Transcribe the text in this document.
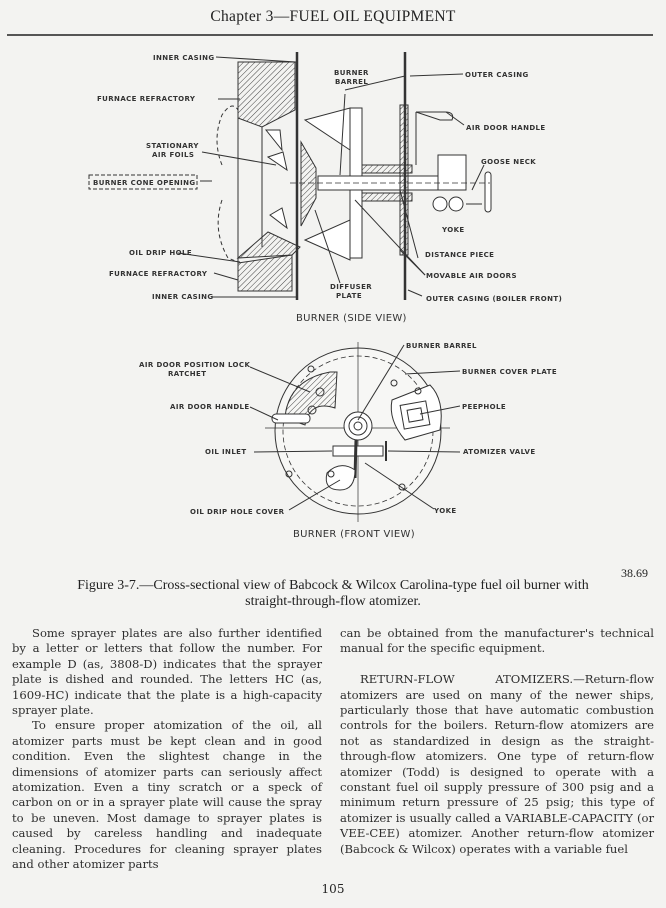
Chapter 3—FUEL OIL EQUIPMENT
INNER CASING
FURNACE REFRACTORY
STATIONARY
AIR FOILS
BURNER CONE OPENING
OIL DRIP HOLE
FURNACE REFRACTORY
INNER CASING
BURNER
BARREL
OUTER CASING
AIR DOOR HANDLE
GOOSE NECK
YOKE
DISTANCE PIECE
MOVABLE AIR DOORS
DIFFUSER
PLATE	OUTER CASING (BOILER FRONT)
BURNER (SIDE VIEW)
AIR DOOR POSITION LOCK
RATCHET
AIR DOOR HANDLE
OIL INLET
OIL DRIP HOLE COVER
BURNER BARREL
BURNER COVER PLATE
PEEPHOLE
ATOMIZER VALVE
YOKE
BURNER (FRONT VIEW)
38.69
Figure 3-7.—Cross-sectional view of Babcock & Wilcox Carolina-type fuel oil burner with
straight-through-flow atomizer.

Some sprayer plates are also further identified by a letter or letters that follow the number. For example D (as, 3808-D) indicates that the sprayer plate is dished and rounded. The letters HC (as, 1609-HC) indicate that the plate is a high-capacity sprayer plate.

To ensure proper atomization of the oil, all atomizer parts must be kept clean and in good condition. Even the slightest change in the dimensions of atomizer parts can seriously affect atomization. Even a tiny scratch or a speck of carbon on or in a sprayer plate will cause the spray to be uneven. Most damage to sprayer plates is caused by careless handling and inadequate cleaning. Procedures for cleaning sprayer plates and other atomizer parts

can be obtained from the manufacturer's technical manual for the specific equipment.

RETURN-FLOW ATOMIZERS.—Return-flow atomizers are used on many of the newer ships, particularly those that have automatic combustion controls for the boilers. Return-flow atomizers are not as standardized in design as the straight-through-flow atomizers. One type of return-flow atomizer (Todd) is designed to operate with a constant fuel oil supply pressure of 300 psig and a minimum return pressure of 25 psig; this type of atomizer is usually called a VARIABLE-CAPACITY (or VEE-CEE) atomizer. Another return-flow atomizer (Babcock & Wilcox) operates with a variable fuel

105
